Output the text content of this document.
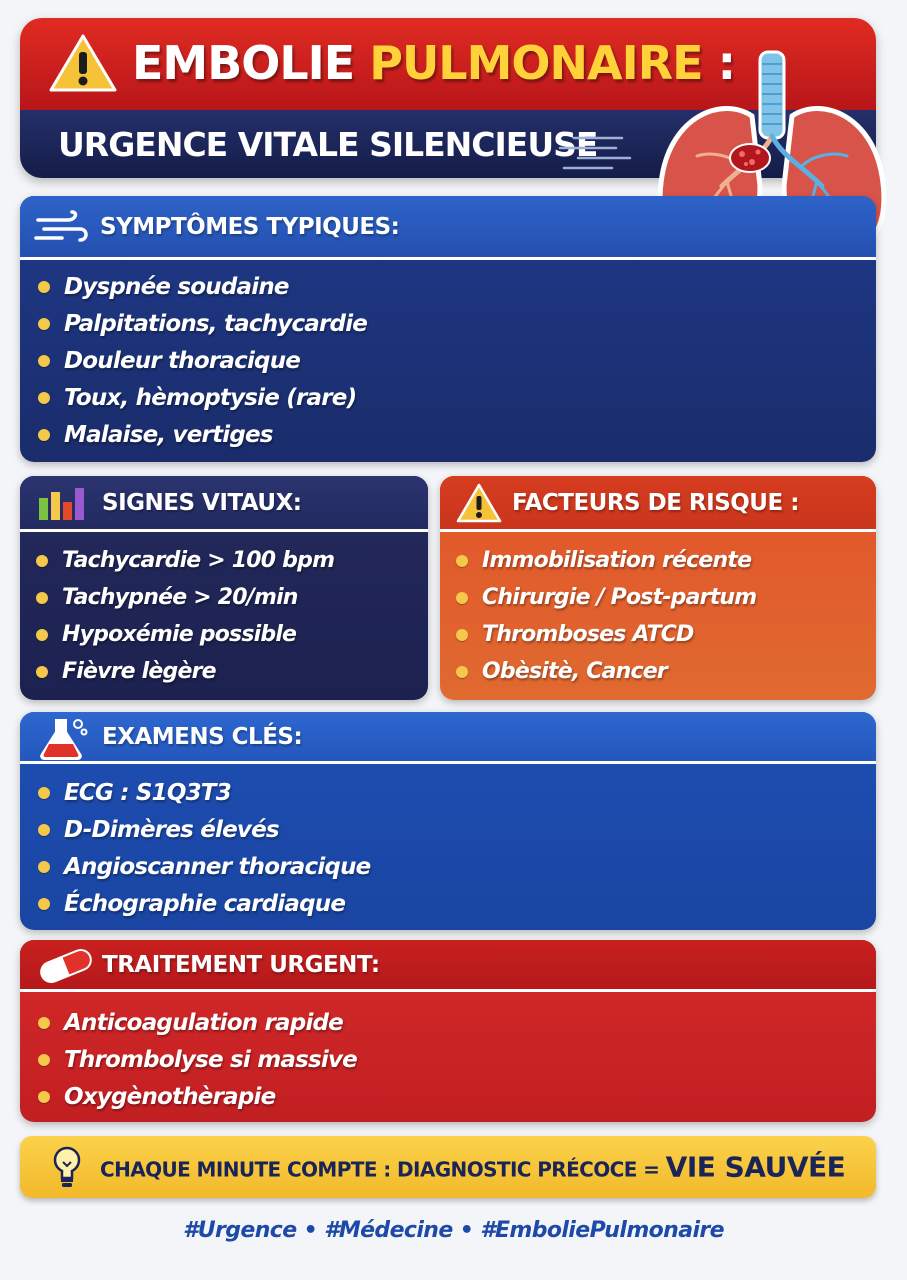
EMBOLIE PULMONAIRE :
URGENCE VITALE SILENCIEUSE
SYMPTÔMES TYPIQUES:
Dyspnée soudaine
Palpitations, tachycardie
Douleur thoracique
Toux, hèmoptysie (rare)
Malaise, vertiges
SIGNES VITAUX:
Tachycardie > 100 bpm
Tachypnée > 20/min
Hypoxémie possible
Fièvre lègère
FACTEURS DE RISQUE :
Immobilisation récente
Chirurgie / Post-partum
Thromboses ATCD
Obèsitè, Cancer
EXAMENS CLÉS:
ECG : S1Q3T3
D-Dimères élevés
Angioscanner thoracique
Échographie cardiaque
TRAITEMENT URGENT:
Anticoagulation rapide
Thrombolyse si massive
Oxygènothèrapie
CHAQUE MINUTE COMPTE : DIAGNOSTIC PRÉCOCE = VIE SAUVÉE
#Urgence • #Médecine • #EmboliePulmonaire
